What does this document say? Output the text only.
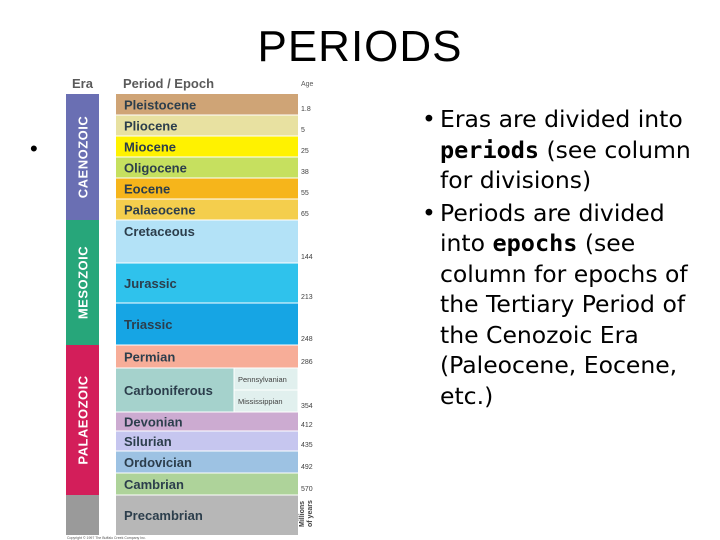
PERIODS
•
Era Period / Epoch	Age
CAENOZOIC
MESOZOIC
PALAEOZOIC
Pleistocene
Pliocene
Miocene
Oligocene
Eocene
Palaeocene
Cretaceous
Jurassic
Triassic
Permian
Pennsylvanian
Mississippian
Carboniferous
Devonian
Silurian
Ordovician
Cambrian
Precambrian
1.8
5
25
38
55
65
144
213
248
286
354
412
435
492
570
Millions of years
Copyright © 1997 The Buffalo Creek Company Inc.
• Eras are divided into periods (see column for divisions)
• Periods are divided into epochs (see column for epochs of the Tertiary Period of the Cenozoic Era (Paleocene, Eocene, etc.)
